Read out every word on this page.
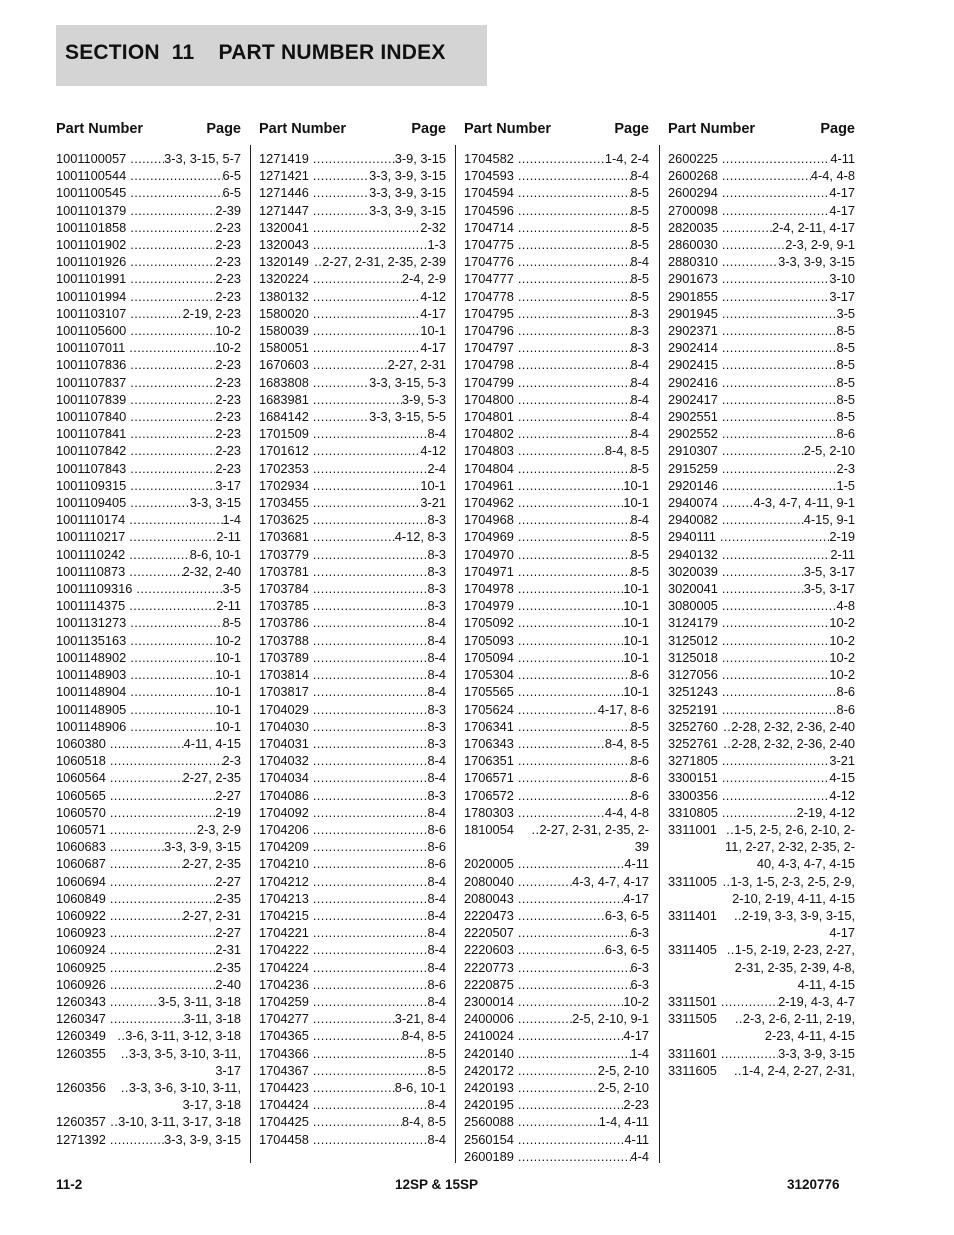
SECTION  11    PART NUMBER INDEX
Part Number	Page
1001100057 .....	3-3, 3-15, 5-7
1001100544 .....	6-5
1001100545 .....	6-5
1001101379 .....	2-39
1001101858 .....	2-23
1001101902 .....	2-23
1001101926 .....	2-23
1001101991 .....	2-23
1001101994 .....	2-23
1001103107 .....	2-19, 2-23
1001105600 .....	10-2
1001107011 .....	10-2
1001107836 .....	2-23
1001107837 .....	2-23
1001107839 .....	2-23
1001107840 .....	2-23
1001107841 .....	2-23
1001107842 .....	2-23
1001107843 .....	2-23
1001109315 .....	3-17
1001109405 .....	3-3, 3-15
1001110174 .....	1-4
1001110217 .....	2-11
1001110242 .....	8-6, 10-1
1001110873 .....	2-32, 2-40
10011109316 .....	3-5
1001114375 .....	2-11
1001131273 .....	8-5
1001135163 .....	10-2
1001148902 .....	10-1
1001148903 .....	10-1
1001148904 .....	10-1
1001148905 .....	10-1
1001148906 .....	10-1
1060380 .....	4-11, 4-15
1060518 .....	2-3
1060564 .....	2-27, 2-35
1060565 .....	2-27
1060570 .....	2-19
1060571 .....	2-3, 2-9
1060683 .....	3-3, 3-9, 3-15
1060687 .....	2-27, 2-35
1060694 .....	2-27
1060849 .....	2-35
1060922 .....	2-27, 2-31
1060923 .....	2-27
1060924 .....	2-31
1060925 .....	2-35
1060926 .....	2-40
1260343 .....	3-5, 3-11, 3-18
1260347 .....	3-11, 3-18
1260349 ..	3-6, 3-11, 3-12, 3-18
1260355 ..	3-3, 3-5, 3-10, 3-11, 3-17
1260356 ..	3-3, 3-6, 3-10, 3-11, 3-17, 3-18
1260357 .. 3-10, 3-11, 3-17, 3-18
1271392 .....	3-3, 3-9, 3-15
Part Number	Page
1271419 .....	3-9, 3-15
1271421 .....	3-3, 3-9, 3-15
1271446 .....	3-3, 3-9, 3-15
1271447 .....	3-3, 3-9, 3-15
1320041 .....	2-32
1320043 .....	1-3
1320149 ..	2-27, 2-31, 2-35, 2-39
1320224 .....	2-4, 2-9
1380132 .....	4-12
1580020 .....	4-17
1580039 .....	10-1
1580051 .....	4-17
1670603 .....	2-27, 2-31
1683808 .....	3-3, 3-15, 5-3
1683981 .....	3-9, 5-3
1684142 .....	3-3, 3-15, 5-5
1701509 .....	8-4
1701612 .....	4-12
1702353 .....	2-4
1702934 .....	10-1
1703455 .....	3-21
1703625 .....	8-3
1703681 .....	4-12, 8-3
1703779 .....	8-3
1703781 .....	8-3
1703784 .....	8-3
1703785 .....	8-3
1703786 .....	8-4
1703788 .....	8-4
1703789 .....	8-4
1703814 .....	8-4
1703817 .....	8-4
1704029 .....	8-3
1704030 .....	8-3
1704031 .....	8-3
1704032 .....	8-4
1704034 .....	8-4
1704086 .....	8-3
1704092 .....	8-4
1704206 .....	8-6
1704209 .....	8-6
1704210 .....	8-6
1704212 .....	8-4
1704213 .....	8-4
1704215 .....	8-4
1704221 .....	8-4
1704222 .....	8-4
1704224 .....	8-4
1704236 .....	8-6
1704259 .....	8-4
1704277 .....	3-21, 8-4
1704365 .....	8-4, 8-5
1704366 .....	8-5
1704367 .....	8-5
1704423 .....	8-6, 10-1
1704424 .....	8-4
1704425 .....	8-4, 8-5
1704458 .....	8-4
Part Number	Page
1704582 .....	1-4, 2-4
1704593 .....	8-4
1704594 .....	8-5
1704596 .....	8-5
1704714 .....	8-5
1704775 .....	8-5
1704776 .....	8-4
1704777 .....	8-5
1704778 .....	8-5
1704795 .....	8-3
1704796 .....	8-3
1704797 .....	8-3
1704798 .....	8-4
1704799 .....	8-4
1704800 .....	8-4
1704801 .....	8-4
1704802 .....	8-4
1704803 .....	8-4, 8-5
1704804 .....	8-5
1704961 .....	10-1
1704962 .....	10-1
1704968 .....	8-4
1704969 .....	8-5
1704970 .....	8-5
1704971 .....	8-5
1704978 .....	10-1
1704979 .....	10-1
1705092 .....	10-1
1705093 .....	10-1
1705094 .....	10-1
1705304 .....	8-6
1705565 .....	10-1
1705624 .....	4-17, 8-6
1706341 .....	8-5
1706343 .....	8-4, 8-5
1706351 .....	8-6
1706571 .....	8-6
1706572 .....	8-6
1780303 .....	4-4, 4-8
1810054 ..	2-27, 2-31, 2-35, 2-39
2020005 .....	4-11
2080040 .....	4-3, 4-7, 4-17
2080043 .....	4-17
2220473 .....	6-3, 6-5
2220507 .....	6-3
2220603 .....	6-3, 6-5
2220773 .....	6-3
2220875 .....	6-3
2300014 .....	10-2
2400006 .....	2-5, 2-10, 9-1
2410024 .....	4-17
2420140 .....	1-4
2420172 .....	2-5, 2-10
2420193 .....	2-5, 2-10
2420195 .....	2-23
2560088 .....	1-4, 4-11
2560154 .....	4-11
2600189 .....	4-4
Part Number	Page
2600225 .....	4-11
2600268 .....	4-4, 4-8
2600294 .....	4-17
2700098 .....	4-17
2820035 .....	2-4, 2-11, 4-17
2860030 .....	2-3, 2-9, 9-1
2880310 .....	3-3, 3-9, 3-15
2901673 .....	3-10
2901855 .....	3-17
2901945 .....	3-5
2902371 .....	8-5
2902414 .....	8-5
2902415 .....	8-5
2902416 .....	8-5
2902417 .....	8-5
2902551 .....	8-5
2902552 .....	8-6
2910307 .....	2-5, 2-10
2915259 .....	2-3
2920146 .....	1-5
2940074 .....	4-3, 4-7, 4-11, 9-1
2940082 .....	4-15, 9-1
2940111 .....	2-19
2940132 .....	2-11
3020039 .....	3-5, 3-17
3020041 .....	3-5, 3-17
3080005 .....	4-8
3124179 .....	10-2
3125012 .....	10-2
3125018 .....	10-2
3127056 .....	10-2
3251243 .....	8-6
3252191 .....	8-6
3252760 ..	2-28, 2-32, 2-36, 2-40
3252761 ..	2-28, 2-32, 2-36, 2-40
3271805 .....	3-21
3300151 .....	4-15
3300356 .....	4-12
3310805 .....	2-19, 4-12
3311001 ..	1-5, 2-5, 2-6, 2-10, 2-11, 2-27, 2-32, 2-35, 2-40, 4-3, 4-7, 4-15
3311005 ..	1-3, 1-5, 2-3, 2-5, 2-9, 2-10, 2-19, 4-11, 4-15
3311401 ..	2-19, 3-3, 3-9, 3-15, 4-17
3311405 ..	1-5, 2-19, 2-23, 2-27, 2-31, 2-35, 2-39, 4-8, 4-11, 4-15
3311501 .....	2-19, 4-3, 4-7
3311505 ..	2-3, 2-6, 2-11, 2-19, 2-23, 4-11, 4-15
3311601 .....	3-3, 3-9, 3-15
3311605 ..	1-4, 2-4, 2-27, 2-31,
11-2	12SP & 15SP	3120776
